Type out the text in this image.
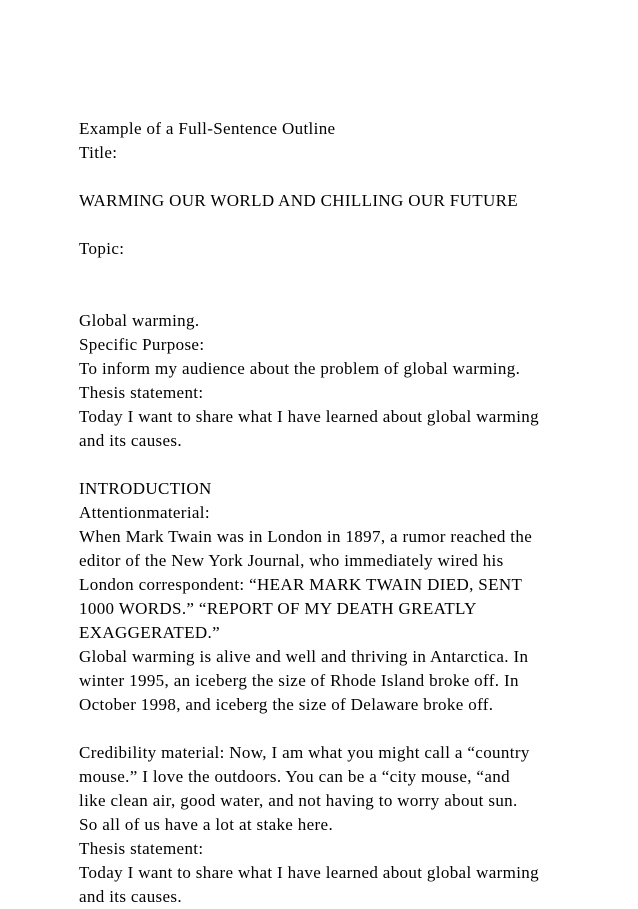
Example of a Full-Sentence Outline
Title:
WARMING OUR WORLD AND CHILLING OUR FUTURE
Topic:
Global warming.
Specific Purpose:
To inform my audience about the problem of global warming.
Thesis statement:
Today I want to share what I have learned about global warming
and its causes.
INTRODUCTION
Attentionmaterial:
When Mark Twain was in London in 1897, a rumor reached the
editor of the New York Journal, who immediately wired his
London correspondent: “HEAR MARK TWAIN DIED, SENT
1000 WORDS.” “REPORT OF MY DEATH GREATLY
EXAGGERATED.”
Global warming is alive and well and thriving in Antarctica. In
winter 1995, an iceberg the size of Rhode Island broke off. In
October 1998, and iceberg the size of Delaware broke off.
Credibility material: Now, I am what you might call a “country
mouse.” I love the outdoors. You can be a “city mouse, “and
like clean air, good water, and not having to worry about sun.
So all of us have a lot at stake here.
Thesis statement:
Today I want to share what I have learned about global warming
and its causes.
